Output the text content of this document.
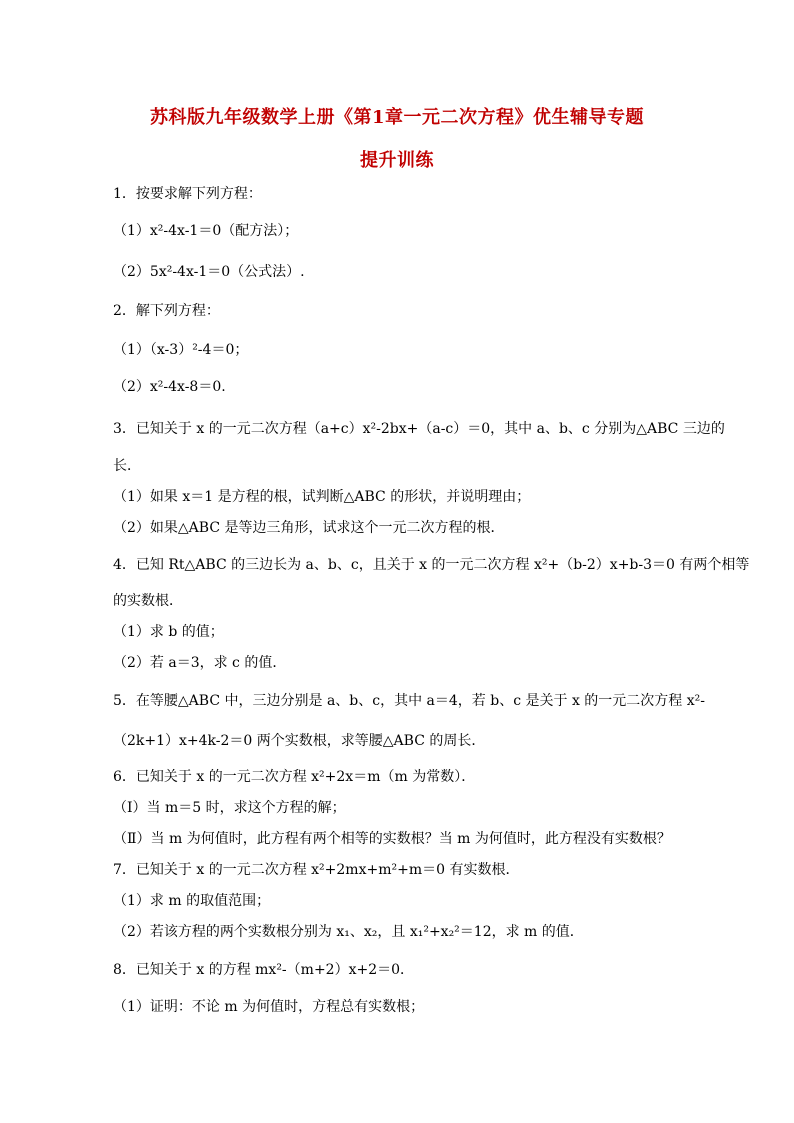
苏科版九年级数学上册《第1章一元二次方程》优生辅导专题
提升训练
1．按要求解下列方程：
（1）x²-4x-1＝0（配方法）；
（2）5x²-4x-1＝0（公式法）.
2．解下列方程：
（1）（x-3）²-4＝0；
（2）x²-4x-8＝0.
3．已知关于 x 的一元二次方程（a+c）x²-2bx+（a-c）＝0，其中 a、b、c 分别为△ABC 三边的
长．
（1）如果 x＝1 是方程的根，试判断△ABC 的形状，并说明理由；
（2）如果△ABC 是等边三角形，试求这个一元二次方程的根．
4．已知 Rt△ABC 的三边长为 a、b、c，且关于 x 的一元二次方程 x²+（b-2）x+b-3＝0 有两个相等
的实数根．
（1）求 b 的值；
（2）若 a＝3，求 c 的值．
5．在等腰△ABC 中，三边分别是 a、b、c，其中 a＝4，若 b、c 是关于 x 的一元二次方程 x²-
（2k+1）x+4k-2＝0 两个实数根，求等腰△ABC 的周长．
6．已知关于 x 的一元二次方程 x²+2x＝m（m 为常数）．
（Ⅰ）当 m＝5 时，求这个方程的解；
（Ⅱ）当 m 为何值时，此方程有两个相等的实数根？当 m 为何值时，此方程没有实数根？
7．已知关于 x 的一元二次方程 x²+2mx+m²+m＝0 有实数根．
（1）求 m 的取值范围；
（2）若该方程的两个实数根分别为 x₁、x₂，且 x₁²+x₂²＝12，求 m 的值．
8．已知关于 x 的方程 mx²-（m+2）x+2＝0．
（1）证明：不论 m 为何值时，方程总有实数根；
